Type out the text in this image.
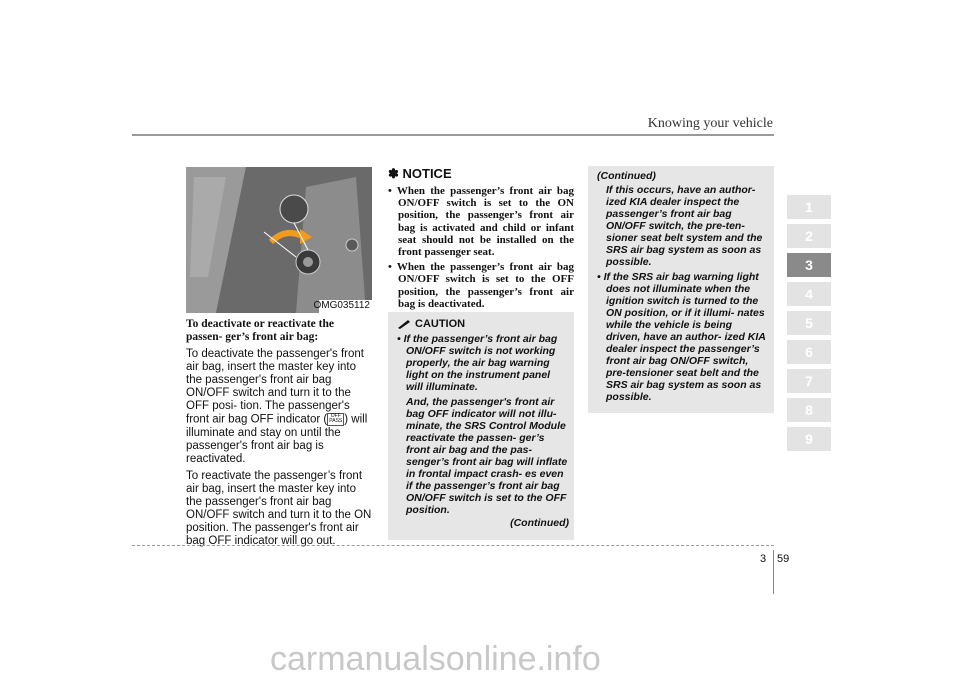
Knowing your vehicle
OMG035112
To deactivate or reactivate the passen- ger’s front air bag:

To deactivate the passenger's front air bag, insert the master key into the passenger's front air bag ON/OFF switch and turn it to the OFF posi- tion. The passenger's front air bag OFF indicator ( OFF
PASS ) will illuminate and stay on until the passenger's front air bag is reactivated.

To reactivate the passenger’s front air bag, insert the master key into the passenger's front air bag ON/OFF switch and turn it to the ON position. The passenger's front air bag OFF indicator will go out.

✽ NOTICE

• When the passenger’s front air bag ON/OFF switch is set to the ON position, the passenger’s front air bag is activated and child or infant seat should not be installed on the front passenger seat.

• When the passenger’s front air bag ON/OFF switch is set to the OFF position, the passenger’s front air bag is deactivated.

CAUTION

• If the passenger’s front air bag ON/OFF switch is not working properly, the air bag warning light on the instrument panel will illuminate.

And, the passenger's front air bag OFF indicator will not illu- minate, the SRS Control Module reactivate the passen- ger’s front air bag and the pas- senger’s front air bag will inflate in frontal impact crash- es even if the passenger’s front air bag ON/OFF switch is set to the OFF position.

(Continued)
(Continued)

If this occurs, have an author- ized KIA dealer inspect the passenger’s front air bag ON/OFF switch, the pre-ten- sioner seat belt system and the SRS air bag system as soon as possible.

• If the SRS air bag warning light does not illuminate when the ignition switch is turned to the ON position, or if it illumi- nates while the vehicle is being driven, have an author- ized KIA dealer inspect the passenger’s front air bag ON/OFF switch, pre-tensioner seat belt and the SRS air bag system as soon as possible.

1
2
3
4
5
6
7
8
9
3 59
carmanualsonline.info
